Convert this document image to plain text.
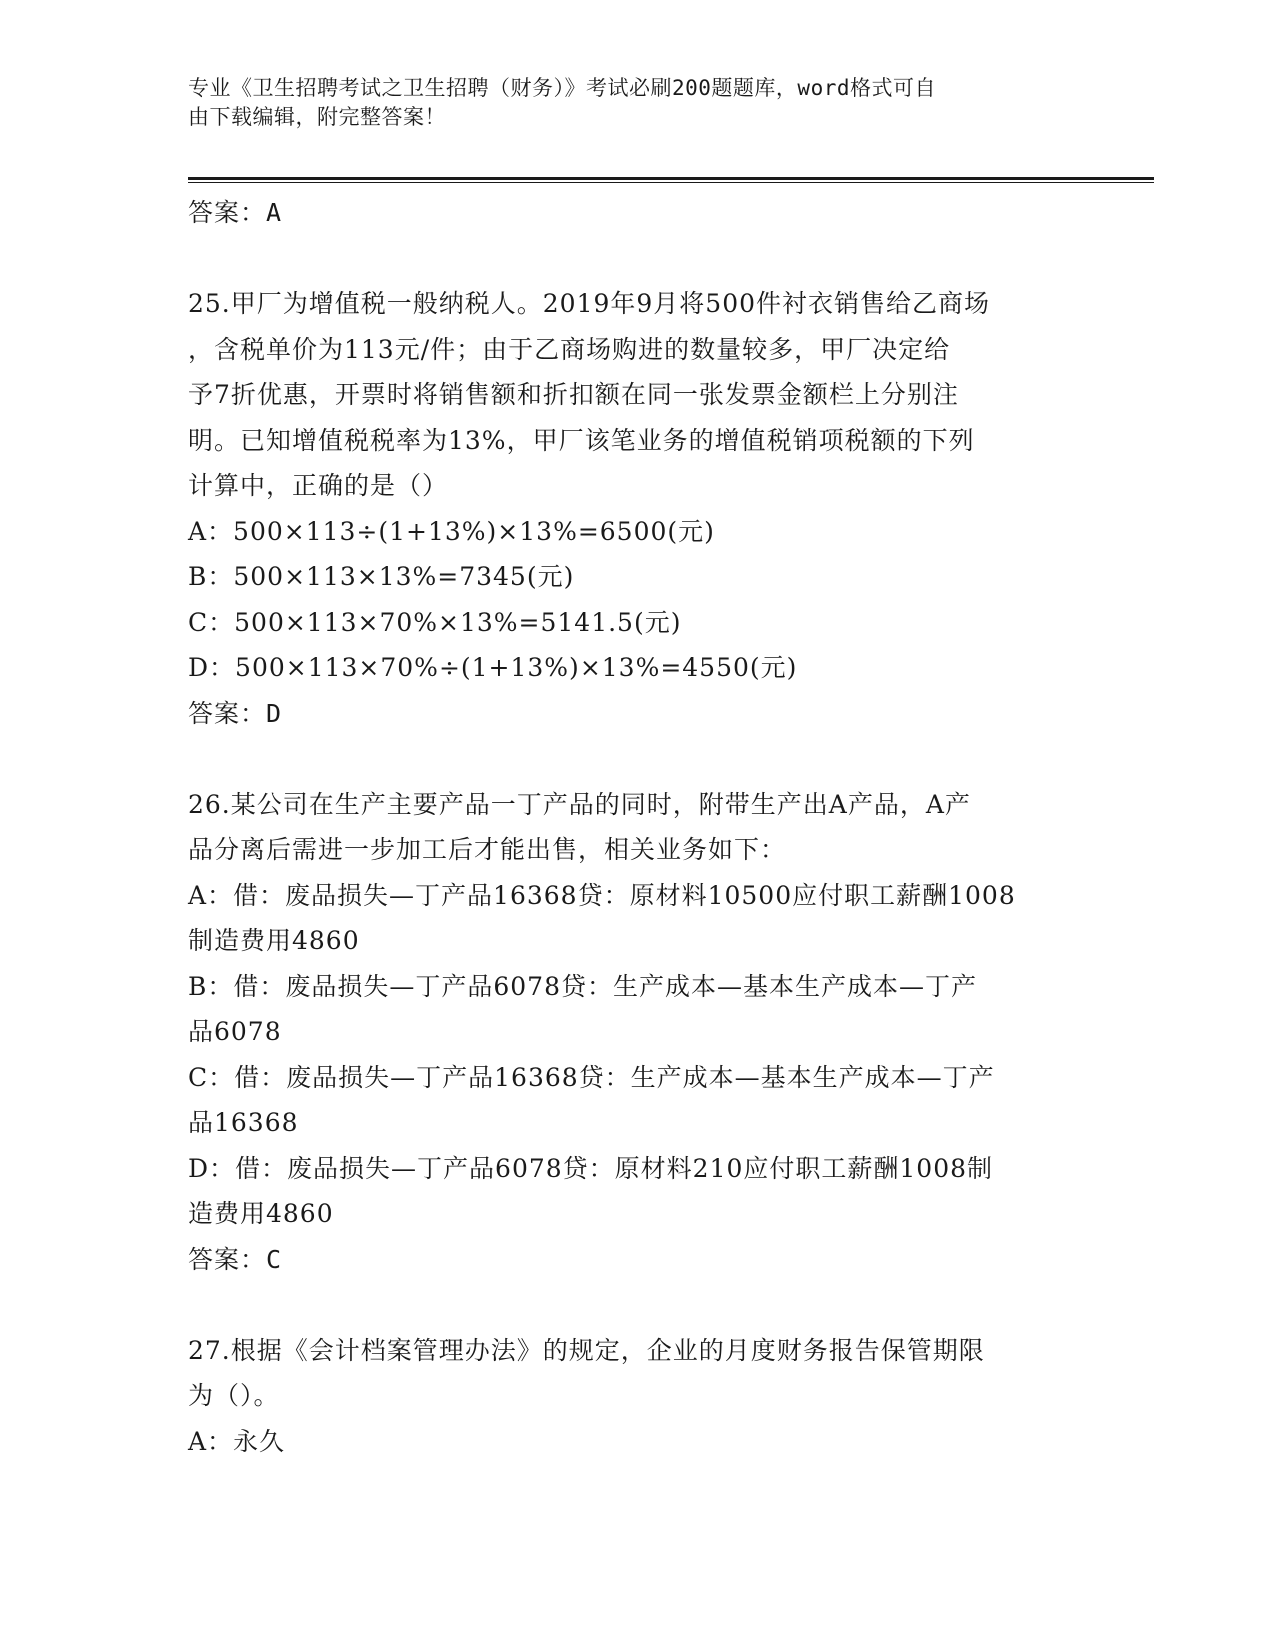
专业《卫生招聘考试之卫生招聘（财务）》考试必刷200题题库，word格式可自
由下载编辑，附完整答案！
答案：A
25.甲厂为增值税一般纳税人。2019年9月将500件衬衣销售给乙商场
，含税单价为113元/件；由于乙商场购进的数量较多，甲厂决定给
予7折优惠，开票时将销售额和折扣额在同一张发票金额栏上分别注
明。已知增值税税率为13%，甲厂该笔业务的增值税销项税额的下列
计算中，正确的是（）
A：500×113÷(1+13%)×13%=6500(元)
B：500×113×13%=7345(元)
C：500×113×70%×13%=5141.5(元)
D：500×113×70%÷(1+13%)×13%=4550(元)
答案：D
26.某公司在生产主要产品一丁产品的同时，附带生产出A产品，A产
品分离后需进一步加工后才能出售，相关业务如下：
A：借：废品损失—丁产品16368贷：原材料10500应付职工薪酬1008
制造费用4860
B：借：废品损失—丁产品6078贷：生产成本—基本生产成本—丁产
品6078
C：借：废品损失—丁产品16368贷：生产成本—基本生产成本—丁产
品16368
D：借：废品损失—丁产品6078贷：原材料210应付职工薪酬1008制
造费用4860
答案：C
27.根据《会计档案管理办法》的规定，企业的月度财务报告保管期限
为（）。
A：永久
